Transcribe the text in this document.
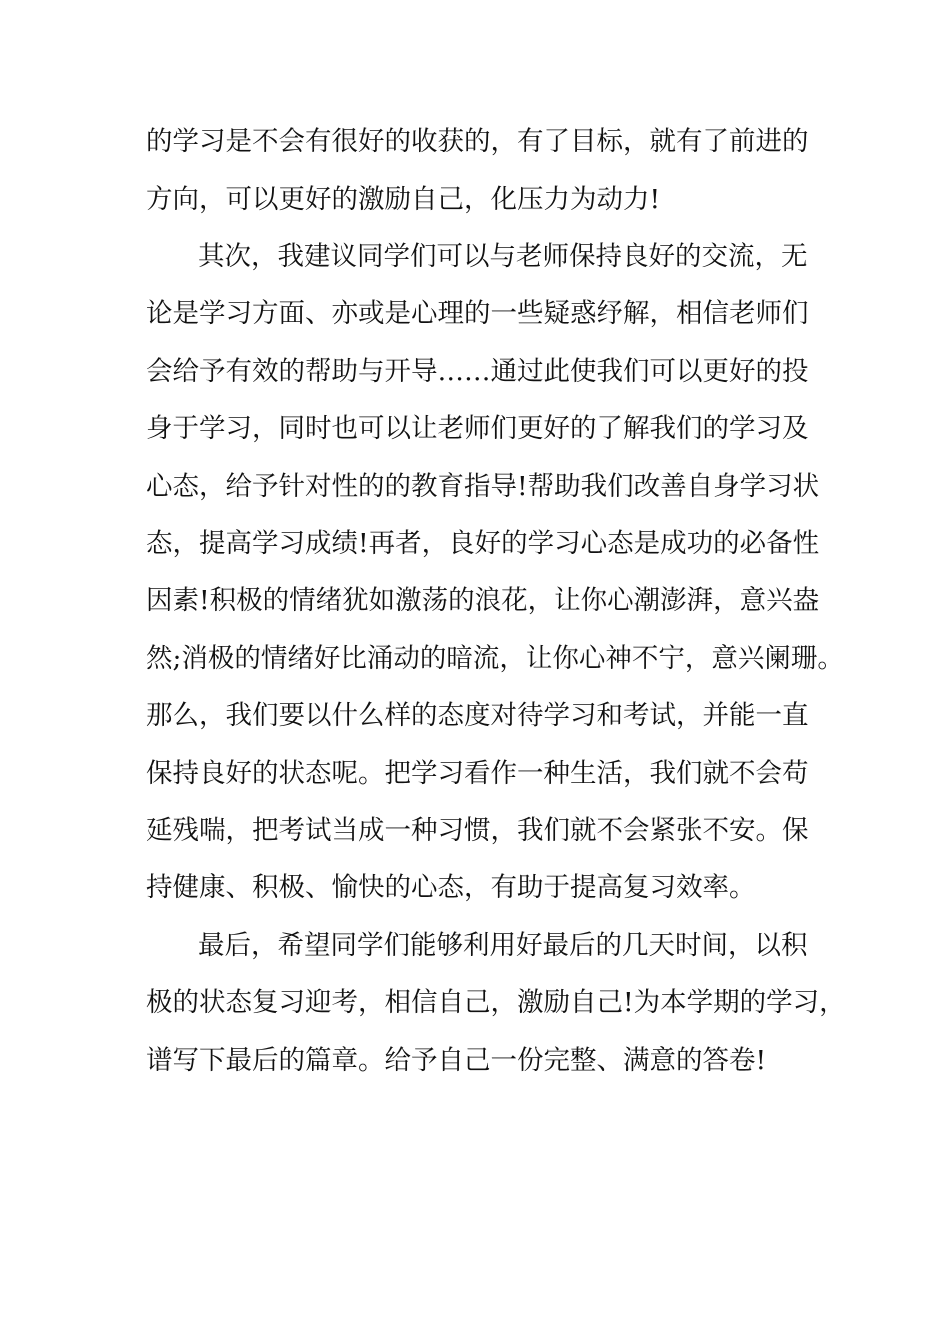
的学习是不会有很好的收获的，有了目标，就有了前进的
方向，可以更好的激励自己，化压力为动力!
其次，我建议同学们可以与老师保持良好的交流，无
论是学习方面、亦或是心理的一些疑惑纾解，相信老师们
会给予有效的帮助与开导……通过此使我们可以更好的投
身于学习，同时也可以让老师们更好的了解我们的学习及
心态，给予针对性的的教育指导!帮助我们改善自身学习状
态，提高学习成绩!再者，良好的学习心态是成功的必备性
因素!积极的情绪犹如激荡的浪花，让你心潮澎湃，意兴盎
然;消极的情绪好比涌动的暗流，让你心神不宁，意兴阑珊。
那么，我们要以什么样的态度对待学习和考试，并能一直
保持良好的状态呢。把学习看作一种生活，我们就不会苟
延残喘，把考试当成一种习惯，我们就不会紧张不安。保
持健康、积极、愉快的心态，有助于提高复习效率。
最后，希望同学们能够利用好最后的几天时间，以积
极的状态复习迎考，相信自己，激励自己!为本学期的学习，
谱写下最后的篇章。给予自己一份完整、满意的答卷!
